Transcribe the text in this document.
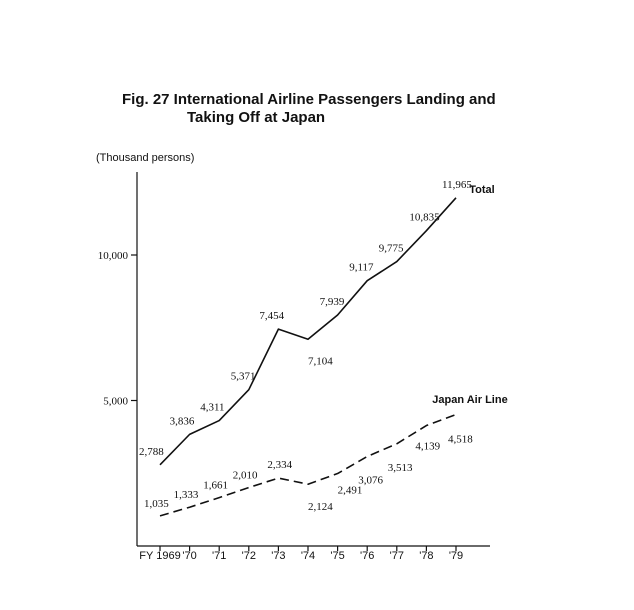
Fig. 27 International Airline Passengers Landing and
Taking Off at Japan
(Thousand persons)
5,000
10,000
FY 1969 '70 '71 '72 '73 '74 '75 '76 '77 '78 '79
2,788
3,836
4,311
5,371
7,454
7,104
7,939
9,117
9,775
10,835
11,965
Total
1,035
1,333
1,661
2,010
2,334
2,124
2,491
3,076
3,513
4,139
4,518
Japan Air Line
